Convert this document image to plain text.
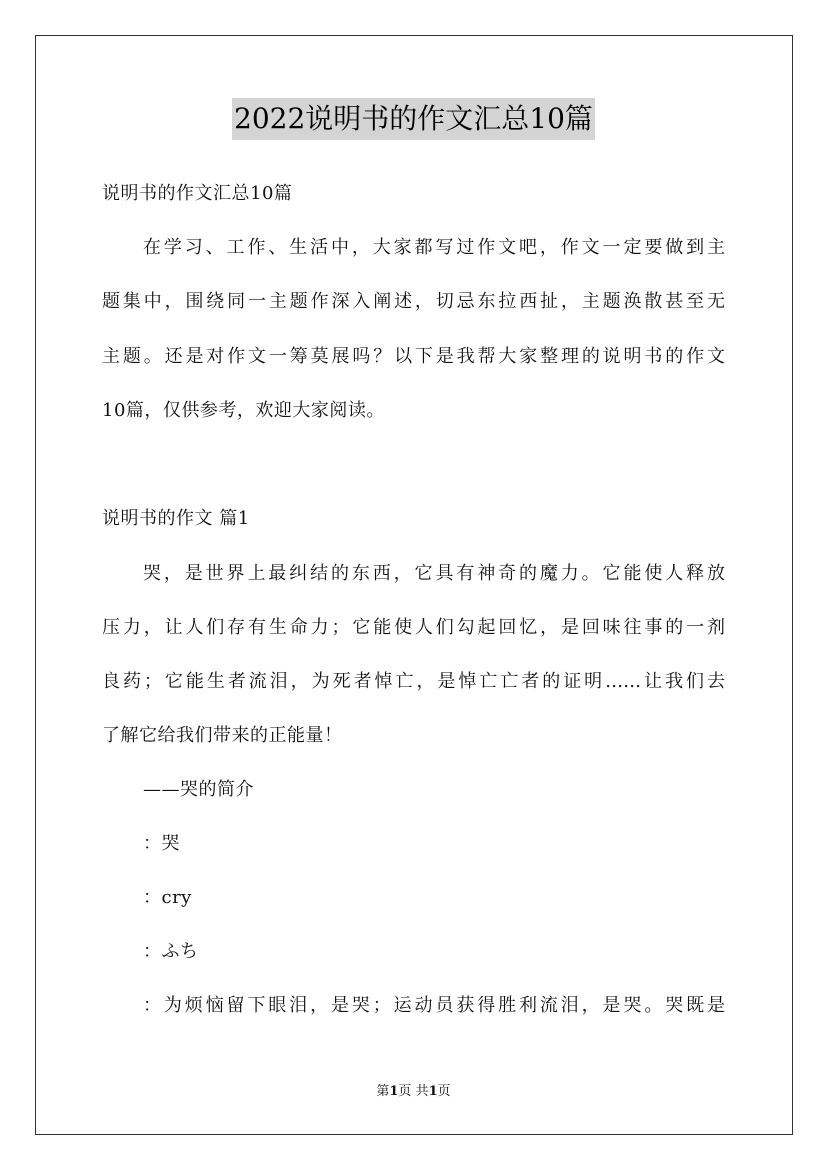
2022说明书的作文汇总10篇
说明书的作文汇总10篇
在学习、工作、生活中，大家都写过作文吧，作文一定要做到主
题集中，围绕同一主题作深入阐述，切忌东拉西扯，主题涣散甚至无
主题。还是对作文一筹莫展吗？以下是我帮大家整理的说明书的作文
10篇，仅供参考，欢迎大家阅读。
说明书的作文 篇1
哭，是世界上最纠结的东西，它具有神奇的魔力。它能使人释放
压力，让人们存有生命力；它能使人们勾起回忆，是回味往事的一剂
良药；它能生者流泪，为死者悼亡，是悼亡亡者的证明……让我们去
了解它给我们带来的正能量！
——哭的简介
：哭
：cry
：ふち
：为烦恼留下眼泪，是哭；运动员获得胜利流泪，是哭。哭既是
第1页 共1页
